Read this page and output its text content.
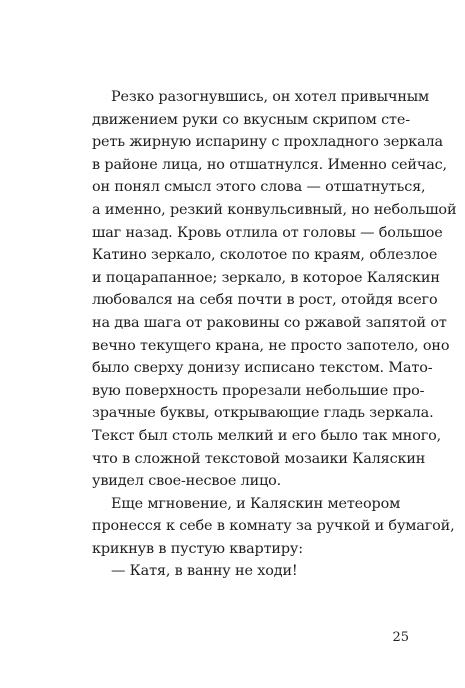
Резко разогнувшись, он хотел привычным
движением руки со вкусным скрипом сте-
реть жирную испарину с прохладного зеркала
в районе лица, но отшатнулся. Именно сейчас,
он понял смысл этого слова — отшатнуться,
а именно, резкий конвульсивный, но небольшой
шаг назад. Кровь отлила от головы — большое
Катино зеркало, сколотое по краям, облезлое
и поцарапанное; зеркало, в которое Каляскин
любовался на себя почти в рост, отойдя всего
на два шага от раковины со ржавой запятой от
вечно текущего крана, не просто запотело, оно
было сверху донизу исписано текстом. Мато-
вую поверхность прорезали небольшие про-
зрачные буквы, открывающие гладь зеркала.
Текст был столь мелкий и его было так много,
что в сложной текстовой мозаики Каляскин
увидел свое-несвое лицо.
Еще мгновение, и Каляскин метеором
пронесся к себе в комнату за ручкой и бумагой,
крикнув в пустую квартиру:
— Катя, в ванну не ходи!
25
